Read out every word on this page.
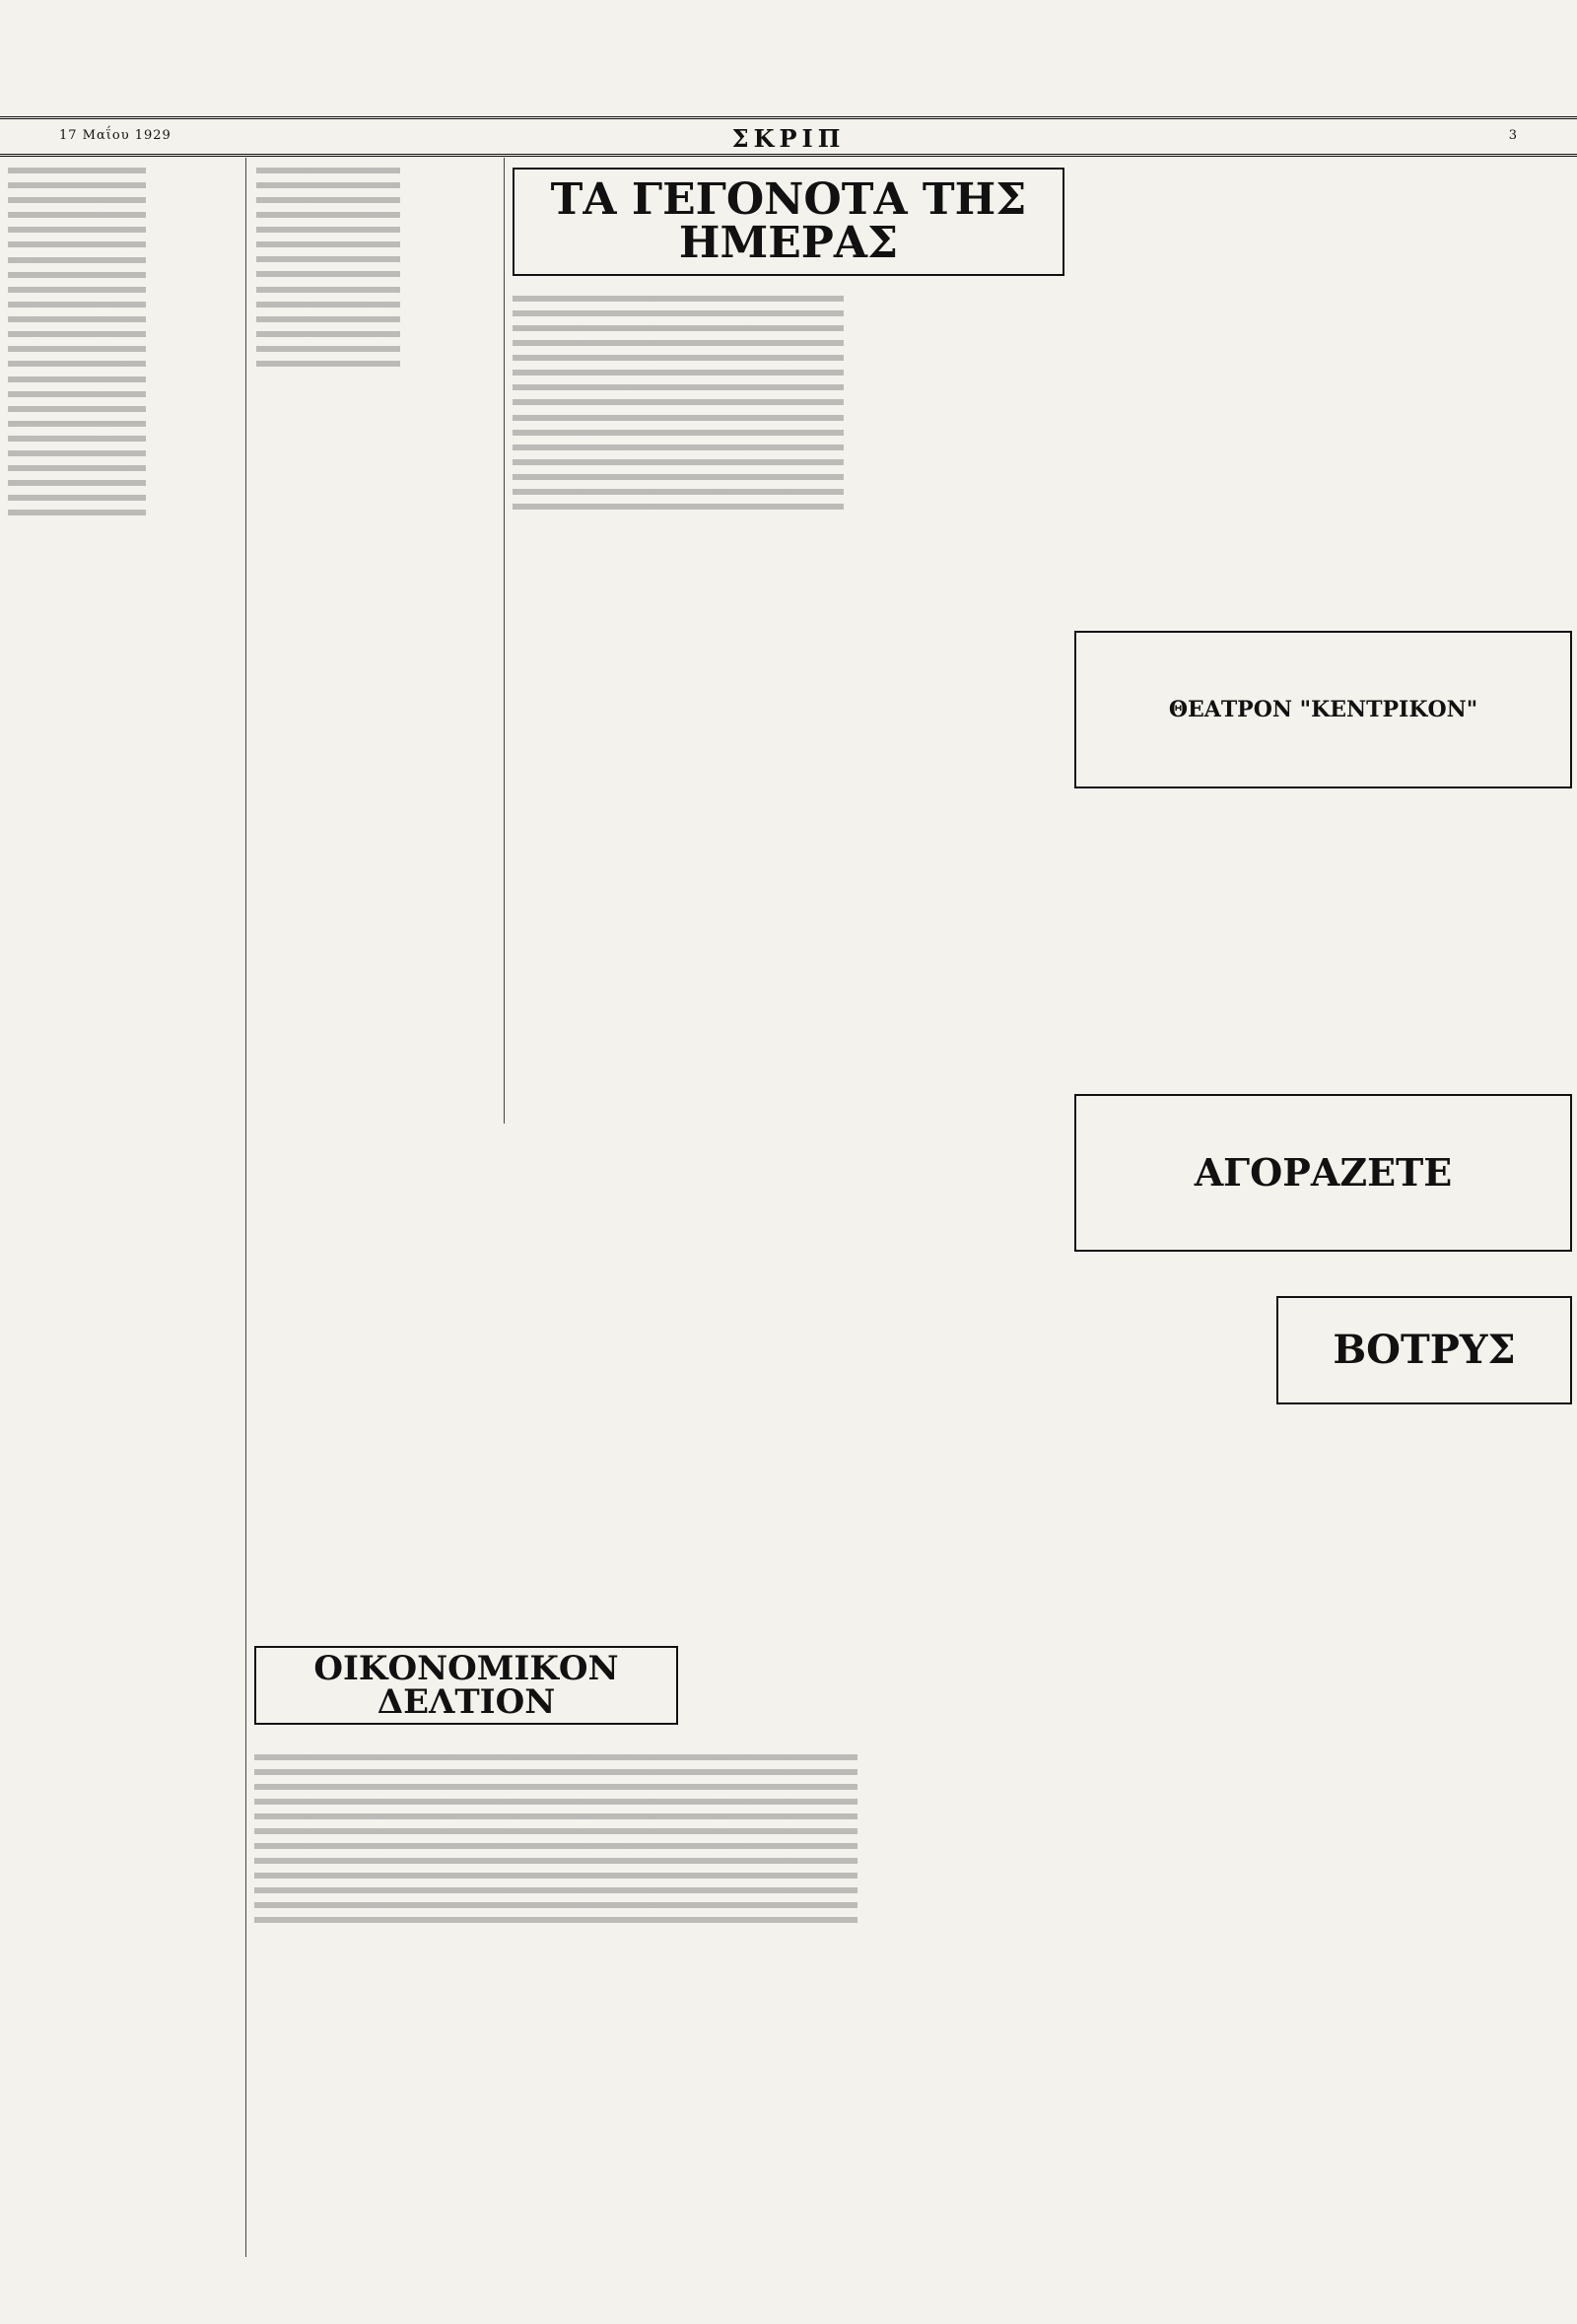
17 Μαΐου 1929	ΣΚΡΙΠ	3
ΤΑ ΓΕΓΟΝΟΤΑ ΤΗΣ ΗΜΕΡΑΣ
ΘΕΑΤΡΟΝ "ΚΕΝΤΡΙΚΟΝ"
ΑΓΟΡΑΖΕΤΕ
ΒΟΤΡΥΣ
ΟΙΚΟΝΟΜΙΚΟΝ ΔΕΛΤΙΟΝ
